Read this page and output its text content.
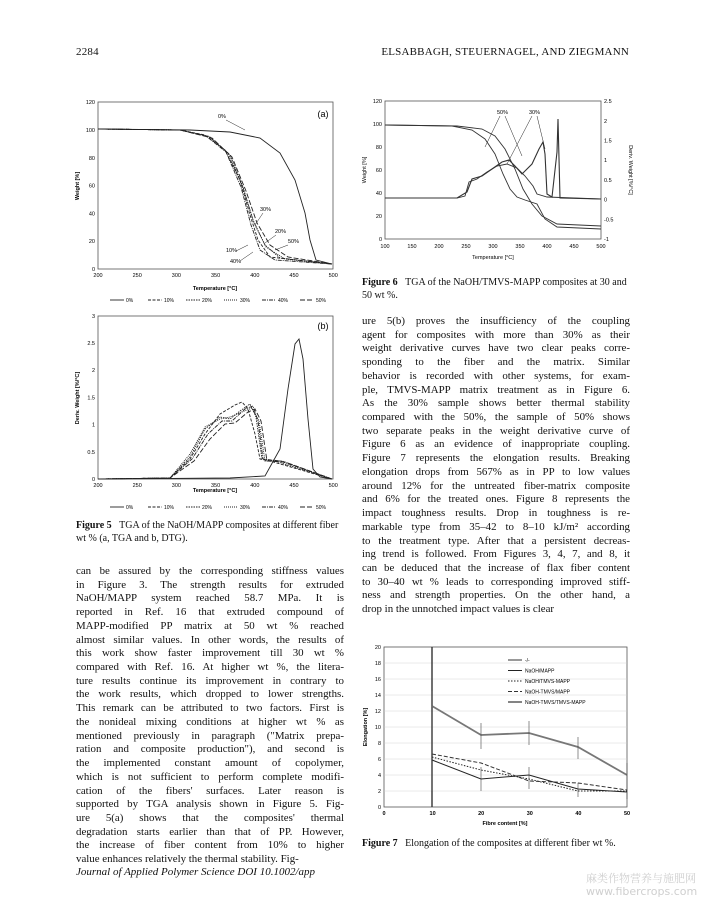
2284	ELSABBAGH, STEUERNAGEL, AND ZIEGMANN
(a)
0
20
40
60
80
100
120
200	250	300	350	400	450	500
Weight [%]
Temperature [°C]
0%
30%
20%
50%
10%
40%
0%	10%	20%	30%	40%	50%
(b)
0
0.5
1
1.5
2
2.5
3
200	250	300	350	400	450	500
Deriv. Weight [%/°C]
Temperature [°C]
0%	10%	20%	30%	40%	50%
Figure 5 TGA of the NaOH/MAPP composites at different fiber wt % (a, TGA and b, DTG).
0
20
40
60
80
100
120
-1
-0.5
0
0.5
1
1.5
2
2.5
100	150	200	250	300	350	400	450	500
Weight [%]	Deriv. Weight [%/°C]
Temperature [°C]
50%	30%
Figure 6 TGA of the NaOH/TMVS-MAPP composites at 30 and 50 wt %.
0
2
4
6
8
10
12
14
16
18
20
0	10	20	30	40	50
Elongation [%]
Fibre content [%]
-/-
NaOH/MAPP
NaOH/TMVS-MAPP
NaOH-TMVS/MAPP
NaOH-TMVS/TMVS-MAPP
Figure 7 Elongation of the composites at different fiber wt %.
can be assured by the corresponding stiffness values
in Figure 3. The strength results for extruded
NaOH/MAPP system reached 58.7 MPa. It is
reported in Ref. 16 that extruded compound of
MAPP-modified PP matrix at 50 wt % reached
almost similar values. In other words, the results of
this work show faster improvement till 30 wt %
compared with Ref. 16. At higher wt %, the litera-
ture results continue its improvement in contrary to
the work results, which dropped to lower strengths.
This remark can be attributed to two factors. First is
the nonideal mixing conditions at higher wt % as
mentioned previously in paragraph ("Matrix prepa-
ration and composite production"), and second is
the implemented constant amount of copolymer,
which is not sufficient to perform complete modifi-
cation of the fibers' surfaces. Later reason is
supported by TGA analysis shown in Figure 5. Fig-
ure 5(a) shows that the composites' thermal
degradation starts earlier than that of PP. However,
the increase of fiber content from 10% to higher
value enhances relatively the thermal stability. Fig-
ure 5(b) proves the insufficiency of the coupling
agent for composites with more than 30% as their
weight derivative curves have two clear peaks corre-
sponding to the fiber and the matrix. Similar
behavior is recorded with other systems, for exam-
ple, TMVS-MAPP matrix treatment as in Figure 6.
As the 30% sample shows better thermal stability
compared with the 50%, the sample of 50% shows
two separate peaks in the weight derivative curve of
Figure 6 as an evidence of inappropriate coupling.
Figure 7 represents the elongation results. Breaking
elongation drops from 567% as in PP to low values
around 12% for the untreated fiber-matrix composite
and 6% for the treated ones. Figure 8 represents the
impact toughness results. Drop in toughness is re-
markable type from 35–42 to 8–10 kJ/m² according
to the treatment type. After that a persistent decreas-
ing trend is followed. From Figures 3, 4, 7, and 8, it
can be deduced that the increase of flax fiber content
to 30–40 wt % leads to corresponding improved stiff-
ness and strength properties. On the other hand, a
drop in the unnotched impact values is clear
Journal of Applied Polymer Science DOI 10.1002/app	麻类作物营养与施肥网
www.fibercrops.com
